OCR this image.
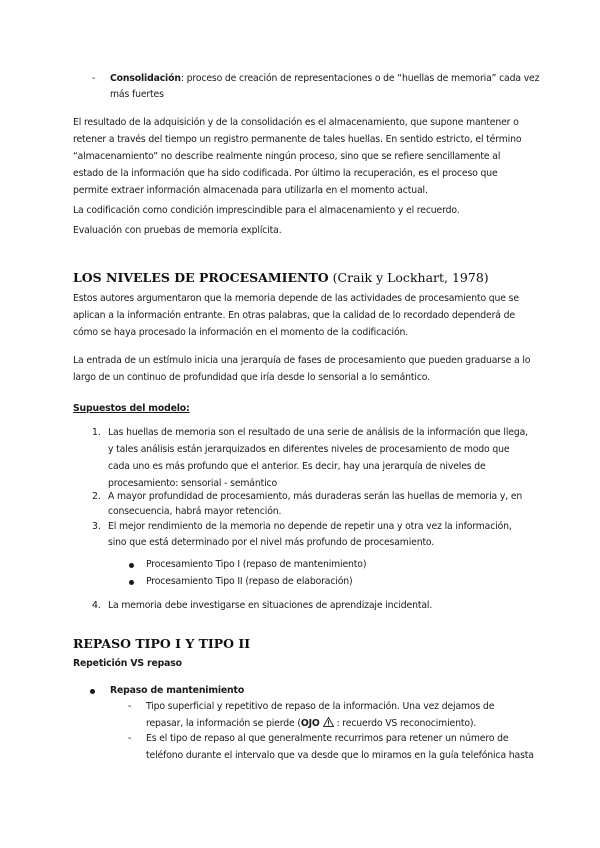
- Consolidación: proceso de creación de representaciones o de “huellas de memoria” cada vez
más fuertes
El resultado de la adquisición y de la consolidación es el almacenamiento, que supone mantener o
retener a través del tiempo un registro permanente de tales huellas. En sentido estricto, el término
“almacenamiento” no describe realmente ningún proceso, sino que se refiere sencillamente al
estado de la información que ha sido codificada. Por último la recuperación, es el proceso que
permite extraer información almacenada para utilizarla en el momento actual.
La codificación como condición imprescindible para el almacenamiento y el recuerdo.
Evaluación con pruebas de memoria explícita.
LOS NIVELES DE PROCESAMIENTO (Craik y Lockhart, 1978)
Estos autores argumentaron que la memoria depende de las actividades de procesamiento que se
aplican a la información entrante. En otras palabras, que la calidad de lo recordado dependerá de
cómo se haya procesado la información en el momento de la codificación.
La entrada de un estímulo inicia una jerarquía de fases de procesamiento que pueden graduarse a lo
largo de un continuo de profundidad que iría desde lo sensorial a lo semántico.
Supuestos del modelo:
1. Las huellas de memoria son el resultado de una serie de análisis de la información que llega,
y tales análisis están jerarquizados en diferentes niveles de procesamiento de modo que
cada uno es más profundo que el anterior. Es decir, hay una jerarquía de niveles de
procesamiento: sensorial - semántico
2. A mayor profundidad de procesamiento, más duraderas serán las huellas de memoria y, en
consecuencia, habrá mayor retención.
3. El mejor rendimiento de la memoria no depende de repetir una y otra vez la información,
sino que está determinado por el nivel más profundo de procesamiento.
Procesamiento Tipo I (repaso de mantenimiento)
Procesamiento Tipo II (repaso de elaboración)
4. La memoria debe investigarse en situaciones de aprendizaje incidental.
REPASO TIPO I Y TIPO II
Repetición VS repaso
Repaso de mantenimiento
- Tipo superficial y repetitivo de repaso de la información. Una vez dejamos de
repasar, la información se pierde (OJO : recuerdo VS reconocimiento).
- Es el tipo de repaso al que generalmente recurrimos para retener un número de
teléfono durante el intervalo que va desde que lo miramos en la guía telefónica hasta
